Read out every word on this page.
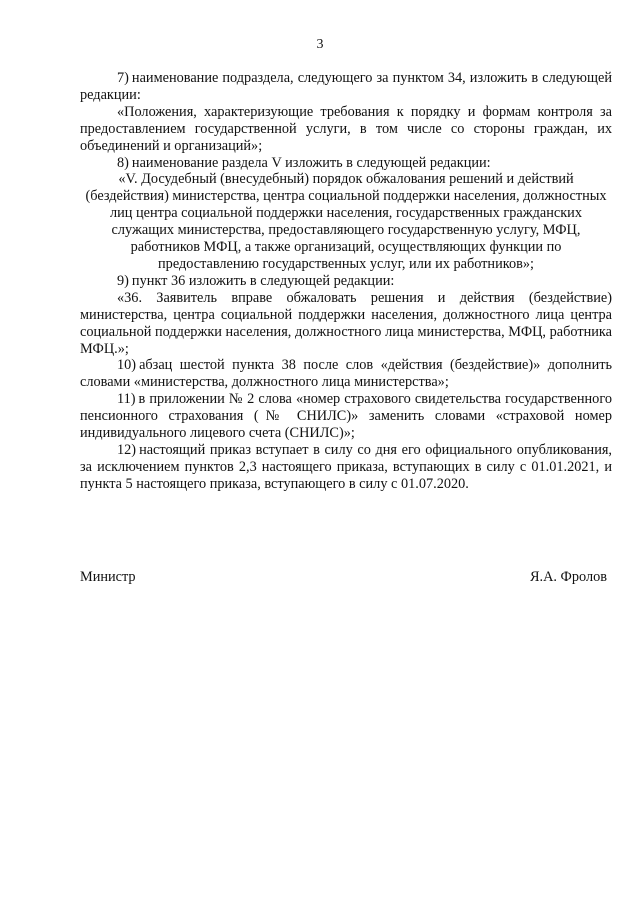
3

7) наименование подраздела, следующего за пунктом 34, изложить в следующей редакции:

«Положения, характеризующие требования к порядку и формам контроля за предоставлением государственной услуги, в том числе со стороны граждан, их объединений и организаций»;

8) наименование раздела V изложить в следующей редакции:

«V. Досудебный (внесудебный) порядок обжалования решений и действий (бездействия) министерства, центра социальной поддержки населения, должностных лиц центра социальной поддержки населения, государственных гражданских служащих министерства, предоставляющего государственную услугу, МФЦ, работников МФЦ, а также организаций, осуществляющих функции по предоставлению государственных услуг, или их работников»;

9) пункт 36 изложить в следующей редакции:

«36. Заявитель вправе обжаловать решения и действия (бездействие) министерства, центра социальной поддержки населения, должностного лица центра социальной поддержки населения, должностного лица министерства, МФЦ, работника МФЦ.»;

10) абзац шестой пункта 38 после слов «действия (бездействие)» дополнить словами «министерства, должностного лица министерства»;

11) в приложении № 2 слова «номер страхового свидетельства государственного пенсионного страхования (№ СНИЛС)» заменить словами «страховой номер индивидуального лицевого счета (СНИЛС)»;

12) настоящий приказ вступает в силу со дня его официального опубликования, за исключением пунктов 2,3 настоящего приказа, вступающих в силу с 01.01.2021, и пункта 5 настоящего приказа, вступающего в силу с 01.07.2020.

Министр	Я.А. Фролов
